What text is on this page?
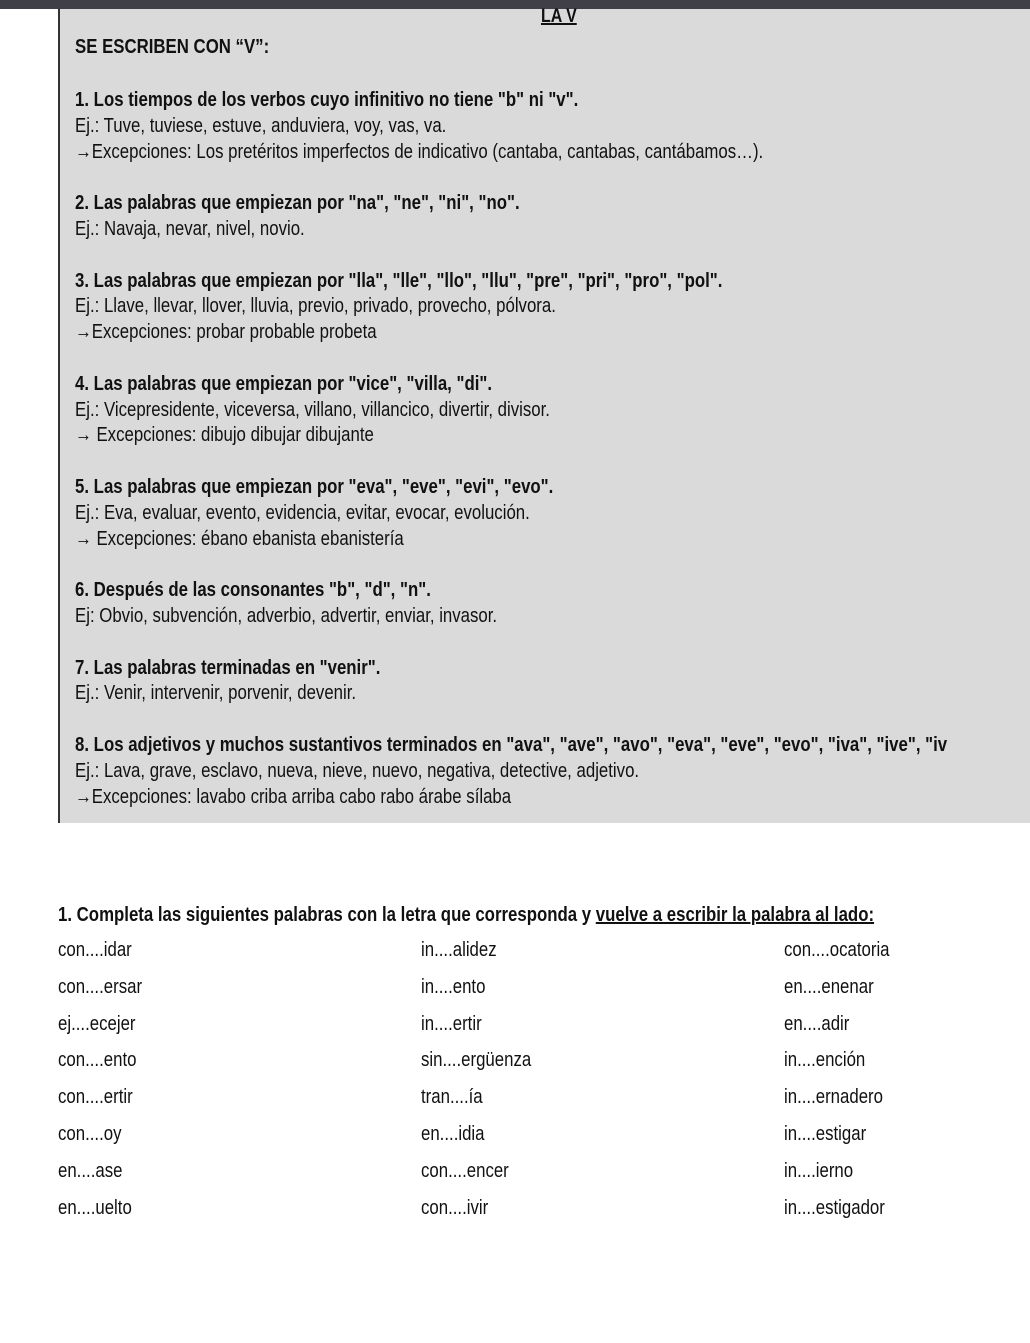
LA V
SE ESCRIBEN CON “V”:
1. Los tiempos de los verbos cuyo infinitivo no tiene "b" ni "v".
Ej.: Tuve, tuviese, estuve, anduviera, voy, vas, va.
→Excepciones: Los pretéritos imperfectos de indicativo (cantaba, cantabas, cantábamos…).
2. Las palabras que empiezan por "na", "ne", "ni", "no".
Ej.: Navaja, nevar, nivel, novio.
3. Las palabras que empiezan por "lla", "lle", "llo", "llu", "pre", "pri", "pro", "pol".
Ej.: Llave, llevar, llover, lluvia, previo, privado, provecho, pólvora.
→Excepciones: probar probable probeta
4. Las palabras que empiezan por "vice", "villa, "di".
Ej.: Vicepresidente, viceversa, villano, villancico, divertir, divisor.
→ Excepciones: dibujo dibujar dibujante
5. Las palabras que empiezan por "eva", "eve", "evi", "evo".
Ej.: Eva, evaluar, evento, evidencia, evitar, evocar, evolución.
→ Excepciones: ébano ebanista ebanistería
6. Después de las consonantes "b", "d", "n".
Ej: Obvio, subvención, adverbio, advertir, enviar, invasor.
7. Las palabras terminadas en "venir".
Ej.: Venir, intervenir, porvenir, devenir.
8. Los adjetivos y muchos sustantivos terminados en "ava", "ave", "avo", "eva", "eve", "evo", "iva", "ive", "iv
Ej.: Lava, grave, esclavo, nueva, nieve, nuevo, negativa, detective, adjetivo.
→Excepciones: lavabo criba arriba cabo rabo árabe sílaba
1. Completa las siguientes palabras con la letra que corresponda y vuelve a escribir la palabra al lado:
con....idar
con....ersar
ej....ecejer
con....ento
con....ertir
con....oy
en....ase
en....uelto
in....alidez
in....ento
in....ertir
sin....ergüenza
tran....ía
en....idia
con....encer
con....ivir
con....ocatoria
en....enenar
en....adir
in....ención
in....ernadero
in....estigar
in....ierno
in....estigador
